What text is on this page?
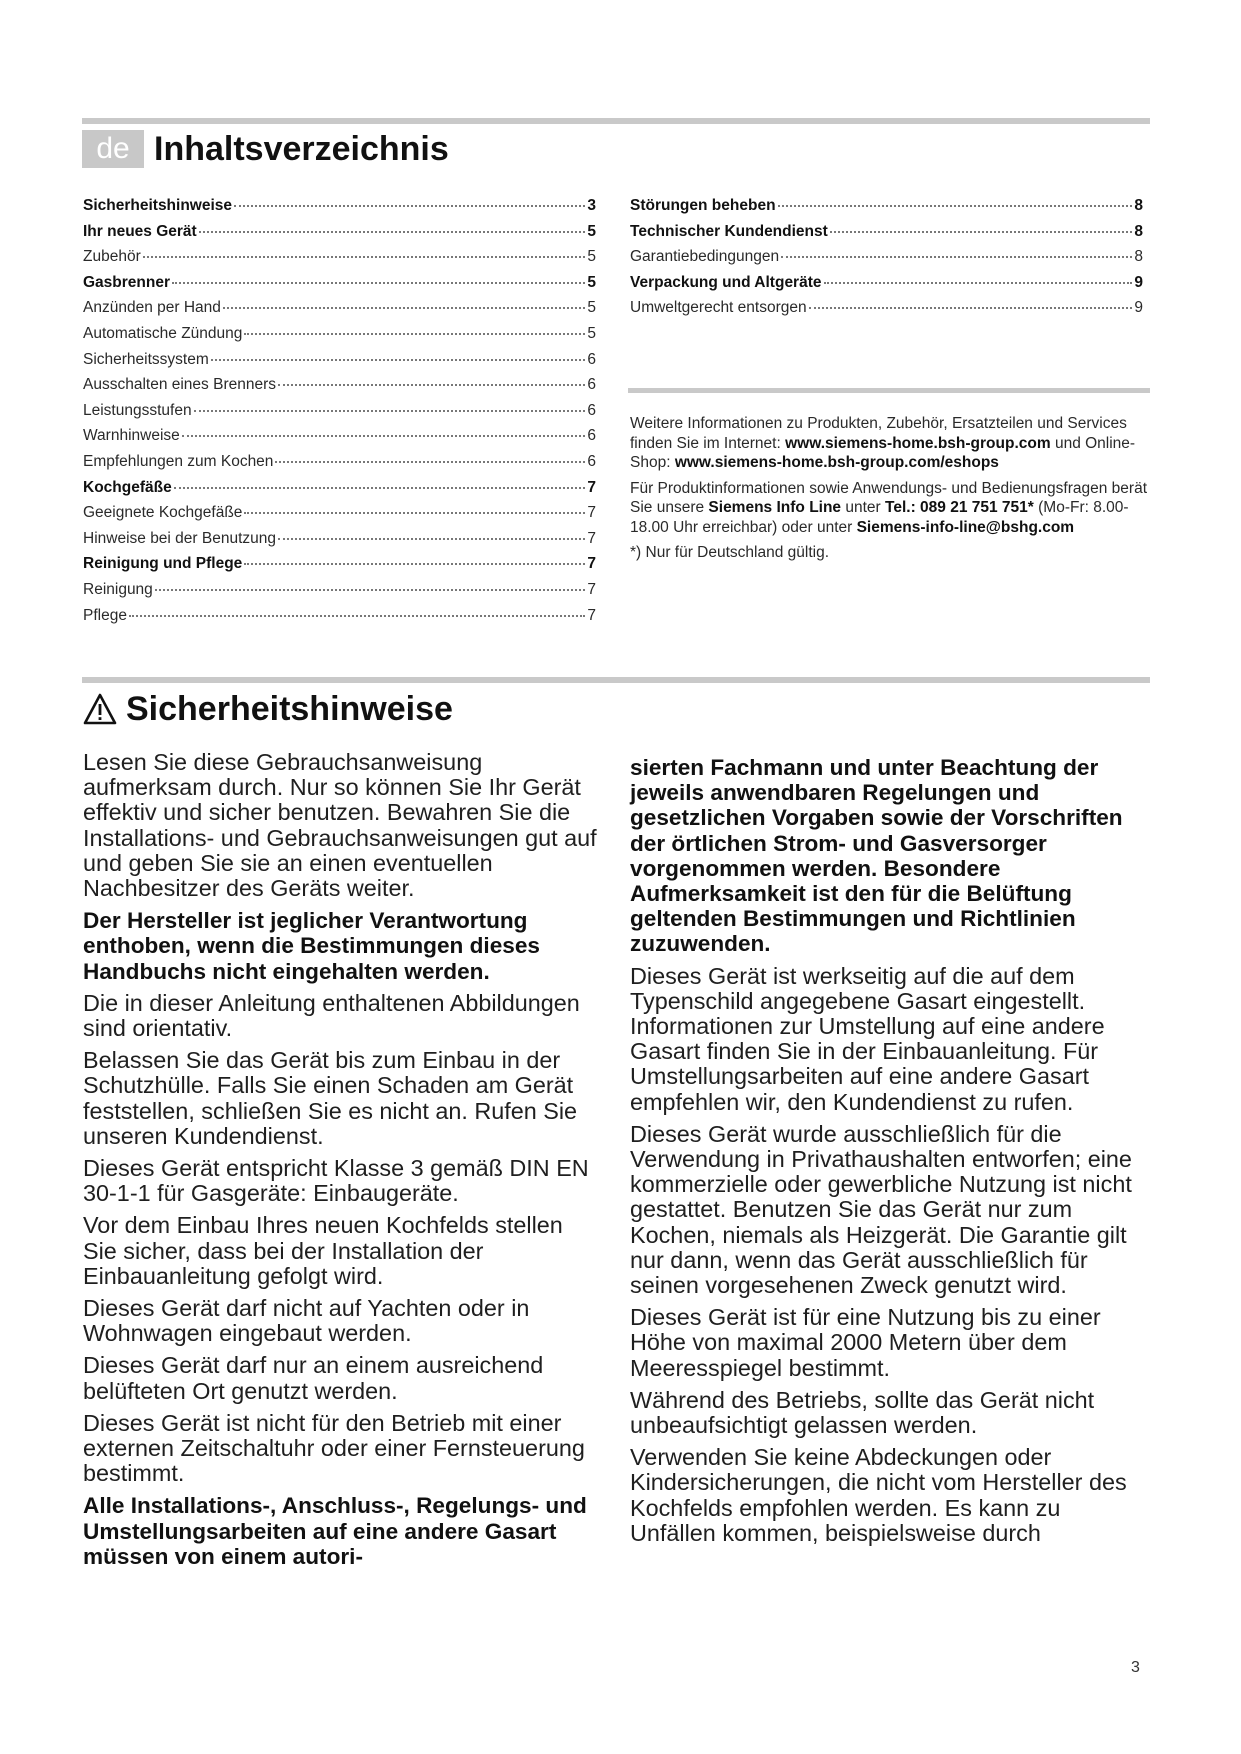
de Inhaltsverzeichnis
Sicherheitshinweise	3
Ihr neues Gerät	5
Zubehör	5
Gasbrenner	5
Anzünden per Hand	5
Automatische Zündung	5
Sicherheitssystem	6
Ausschalten eines Brenners	6
Leistungsstufen	6
Warnhinweise	6
Empfehlungen zum Kochen	6
Kochgefäße	7
Geeignete Kochgefäße	7
Hinweise bei der Benutzung	7
Reinigung und Pflege	7
Reinigung	7
Pflege	7
Störungen beheben	8
Technischer Kundendienst	8
Garantiebedingungen	8
Verpackung und Altgeräte	9
Umweltgerecht entsorgen	9

Weitere Informationen zu Produkten, Zubehör, Ersatzteilen und Services finden Sie im Internet: www.siemens-home.bsh-group.com und Online-Shop: www.siemens-home.bsh-group.com/eshops

Für Produktinformationen sowie Anwendungs- und Bedienungsfragen berät Sie unsere Siemens Info Line unter Tel.: 089 21 751 751* (Mo-Fr: 8.00-18.00 Uhr erreichbar) oder unter Siemens-info-line@bshg.com

*) Nur für Deutschland gültig.

Sicherheitshinweise

Lesen Sie diese Gebrauchsanweisung aufmerksam durch. Nur so können Sie Ihr Gerät effektiv und sicher benutzen. Bewahren Sie die Installations- und Gebrauchsanweisungen gut auf und geben Sie sie an einen eventuellen Nachbesitzer des Geräts weiter.

Der Hersteller ist jeglicher Verantwortung enthoben, wenn die Bestimmungen dieses Handbuchs nicht eingehalten werden.

Die in dieser Anleitung enthaltenen Abbildungen sind orientativ.

Belassen Sie das Gerät bis zum Einbau in der Schutzhülle. Falls Sie einen Schaden am Gerät feststellen, schließen Sie es nicht an. Rufen Sie unseren Kundendienst.

Dieses Gerät entspricht Klasse 3 gemäß DIN EN 30-1-1 für Gasgeräte: Einbaugeräte.

Vor dem Einbau Ihres neuen Kochfelds stellen Sie sicher, dass bei der Installation der Einbauanleitung gefolgt wird.

Dieses Gerät darf nicht auf Yachten oder in Wohnwagen eingebaut werden.

Dieses Gerät darf nur an einem ausreichend belüfteten Ort genutzt werden.

Dieses Gerät ist nicht für den Betrieb mit einer externen Zeitschaltuhr oder einer Fernsteuerung bestimmt.

Alle Installations-, Anschluss-, Regelungs- und Umstellungsarbeiten auf eine andere Gasart müssen von einem autori-

sierten Fachmann und unter Beachtung der jeweils anwendbaren Regelungen und gesetzlichen Vorgaben sowie der Vorschriften der örtlichen Strom- und Gasversorger vorgenommen werden. Besondere Aufmerksamkeit ist den für die Belüftung geltenden Bestimmungen und Richtlinien zuzuwenden.

Dieses Gerät ist werkseitig auf die auf dem Typenschild angegebene Gasart eingestellt. Informationen zur Umstellung auf eine andere Gasart finden Sie in der Einbauanleitung. Für Umstellungsarbeiten auf eine andere Gasart empfehlen wir, den Kundendienst zu rufen.

Dieses Gerät wurde ausschließlich für die Verwendung in Privathaushalten entworfen; eine kommerzielle oder gewerbliche Nutzung ist nicht gestattet. Benutzen Sie das Gerät nur zum Kochen, niemals als Heizgerät. Die Garantie gilt nur dann, wenn das Gerät ausschließlich für seinen vorgesehenen Zweck genutzt wird.

Dieses Gerät ist für eine Nutzung bis zu einer Höhe von maximal 2000 Metern über dem Meeresspiegel bestimmt.

Während des Betriebs, sollte das Gerät nicht unbeaufsichtigt gelassen werden.

Verwenden Sie keine Abdeckungen oder Kindersicherungen, die nicht vom Hersteller des Kochfelds empfohlen werden. Es kann zu Unfällen kommen, beispielsweise durch

3
